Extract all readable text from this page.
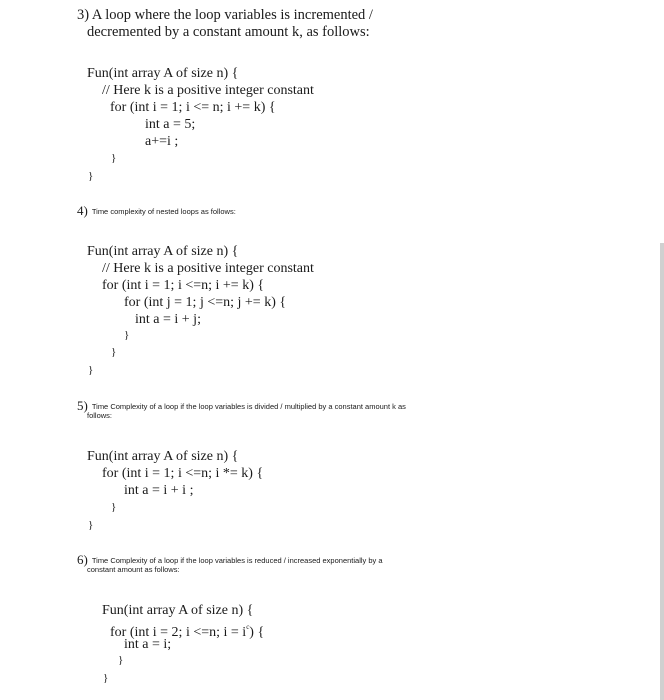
3) A loop where the loop variables is incremented /
decremented by a constant amount k, as follows:
Fun(int array A of size n) {
// Here k is a positive integer constant
for (int i = 1; i <= n; i += k) {
int a = 5;
a+=i ;
}
}
4) Time complexity of nested loops as follows:
Fun(int array A of size n) {
// Here k is a positive integer constant
for (int i = 1; i <=n; i += k) {
for (int j = 1; j <=n; j += k) {
int a = i + j;
}
}
}
5) Time Complexity of a loop if the loop variables is divided / multiplied by a constant amount k as
follows:
Fun(int array A of size n) {
for (int i = 1; i <=n; i *= k) {
int a = i + i ;
}
}
6) Time Complexity of a loop if the loop variables is reduced / increased exponentially by a
constant amount as follows:
Fun(int array A of size n) {
for (int i = 2; i <=n; $i = i^c$) {
int a = i;
}
}
